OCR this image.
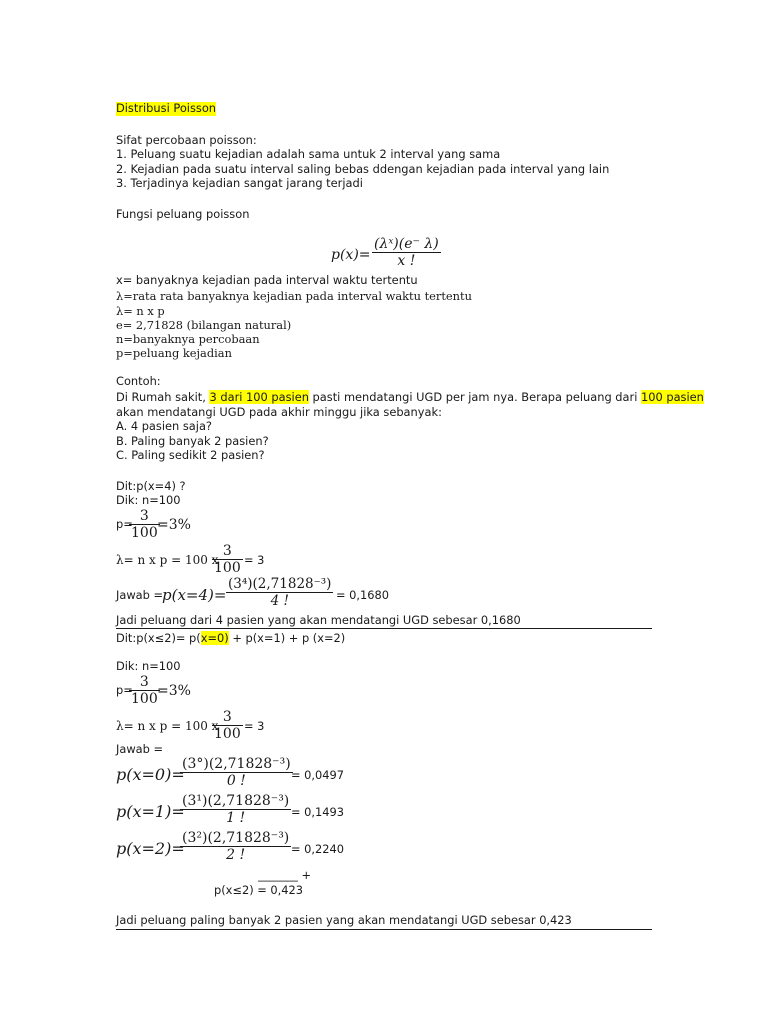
Distribusi Poisson
Sifat percobaan poisson:
1. Peluang suatu kejadian adalah sama untuk 2 interval yang sama
2. Kejadian pada suatu interval saling bebas ddengan kejadian pada interval yang lain
3. Terjadinya kejadian sangat jarang terjadi
Fungsi peluang poisson
p(x)=
(λˣ)(e⁻ λ)
x !
x= banyaknya kejadian pada interval waktu tertentu
λ=rata rata banyaknya kejadian pada interval waktu tertentu
λ= n x p
e= 2,71828 (bilangan natural)
n=banyaknya percobaan
p=peluang kejadian
Contoh:
Di Rumah sakit, 3 dari 100 pasien pasti mendatangi UGD per jam nya. Berapa peluang dari 100 pasien
akan mendatangi UGD pada akhir minggu jika sebanyak:
A. 4 pasien saja?
B. Paling banyak 2 pasien?
C. Paling sedikit 2 pasien?
Dit:p(x=4) ?
Dik: n=100
p= 3
100 =3%
λ= n x p = 100 x
3
100 = 3
Jawab =
p(x=4)=
(3⁴)(2,71828⁻³)
4 !	= 0,1680
Jadi peluang dari 4 pasien yang akan mendatangi UGD sebesar 0,1680
Dit:p(x≤2)= p(x=0) + p(x=1) + p (x=2)
Dik: n=100
p= 3
100 =3%
λ= n x p = 100 x
3
100 = 3
Jawab =
p(x=0)=
(3°)(2,71828⁻³)
0 !	= 0,0497
p(x=1)=
(3¹)(2,71828⁻³)
1 !	= 0,1493
p(x=2)=
(3²)(2,71828⁻³)
2 !	= 0,2240
_______ +
p(x≤2) = 0,423
Jadi peluang paling banyak 2 pasien yang akan mendatangi UGD sebesar 0,423
